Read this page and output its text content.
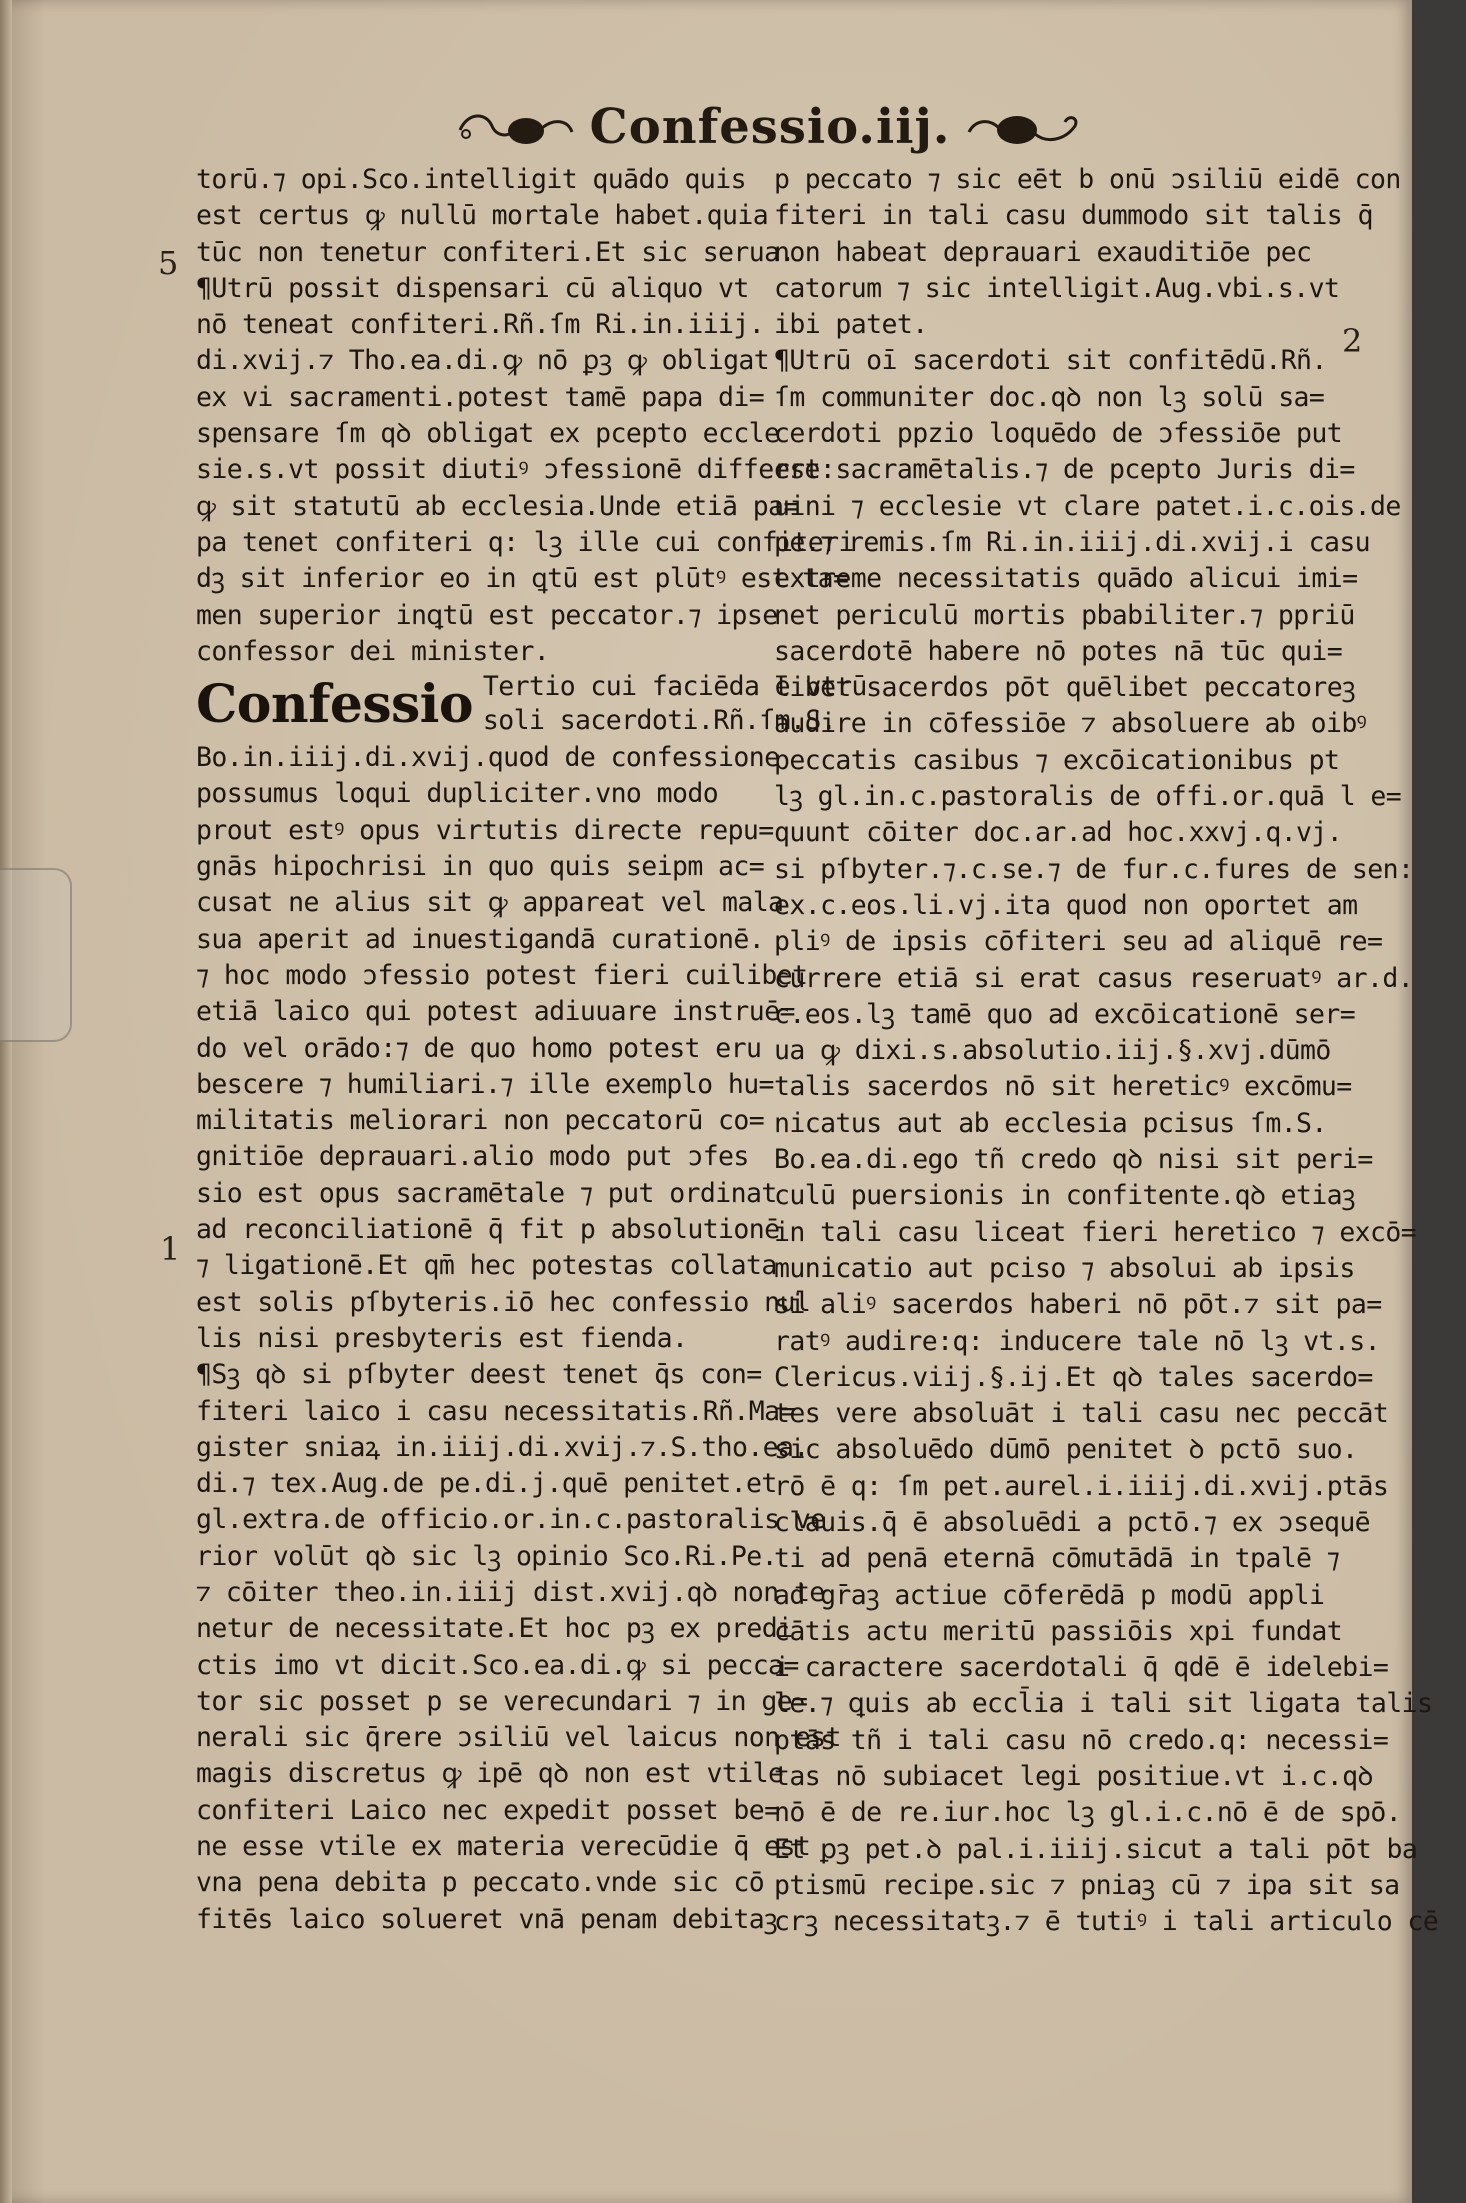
Confessio.iij.
5
1
2
torū.⁊ opi.Sco.intelligit quādo quis
est certus ꝙ nullū mortale habet.quia
tūc non tenetur confiteri.Et sic serua.
¶Utrū possit dispensari cū aliquo vt
nō teneat confiteri.Rñ.ſm Ri.in.iiij.
di.xvij.⁊ Tho.ea.di.ꝙ nō ꝑꝫ ꝙ obligat
ex vi sacramenti.potest tamē papa di=
spensare ſm qꝺ obligat ex pcepto eccle
sie.s.vt possit diutiꝰ ɔfessionē differre:
ꝙ sit statutū ab ecclesia.Unde etiā pa=
pa tenet confiteri q: lꝫ ille cui confiteri
dꝫ sit inferior eo in ꝗtū est plūtꝰ est ta=
men superior inꝗtū est peccator.⁊ ipse
confessor dei minister.
Confessio Tertio cui faciēda ē vtrū
soli sacerdoti.Rñ.ſm.S.
Bo.in.iiij.di.xvij.quod de confessione
possumus loqui dupliciter.vno modo
prout estꝰ opus virtutis directe repu=
gnās hipochrisi in quo quis seipm ac=
cusat ne alius sit ꝙ appareat vel mala
sua aperit ad inuestigandā curationē.
⁊ hoc modo ɔfessio potest fieri cuilibet
etiā laico qui potest adiuuare instruē=
do vel orādo:⁊ de quo homo potest eru
bescere ⁊ humiliari.⁊ ille exemplo hu=
militatis meliorari non peccatorū co=
gnitiōe deprauari.alio modo put ɔfes
sio est opus sacramētale ⁊ put ordinat
ad reconciliationē q̄ fit p absolutionē
⁊ ligationē.Et qm̄ hec potestas collata
est solis pſbyteris.iō hec confessio nul
lis nisi presbyteris est fienda.
¶Sꝫ qꝺ si pſbyter deest tenet q̄s con=
fiteri laico i casu necessitatis.Rñ.Ma=
gister sniaꝝ in.iiij.di.xvij.⁊.S.tho.ea.
di.⁊ tex.Aug.de pe.di.j.quē penitet.et
gl.extra.de officio.or.in.c.pastoralis ve
rior volūt qꝺ sic lꝫ opinio Sco.Ri.Pe.
⁊ cōiter theo.in.iiij dist.xvij.qꝺ non te
netur de necessitate.Et hoc pꝫ ex predi
ctis imo vt dicit.Sco.ea.di.ꝙ si pecca=
tor sic posset p se verecundari ⁊ in ge=
nerali sic q̄rere ɔsiliū vel laicus non est
magis discretus ꝙ ipē qꝺ non est vtile
confiteri Laico nec expedit posset be=
ne esse vtile ex materia verecūdie q̄ est
vna pena debita p peccato.vnde sic cō
fitēs laico solueret vnā penam debitaꝫ
p peccato ⁊ sic eēt b onū ɔsiliū eidē con
fiteri in tali casu dummodo sit talis q̄
non habeat deprauari exauditiōe pec
catorum ⁊ sic intelligit.Aug.vbi.s.vt
ibi patet.
¶Utrū oī sacerdoti sit confitēdū.Rñ.
ſm communiter doc.qꝺ non lꝫ solū sa=
cerdoti ppzio loquēdo de ɔfessiōe put
est sacramētalis.⁊ de pcepto Juris di=
uini ⁊ ecclesie vt clare patet.i.c.ois.de
pe.⁊ remis.ſm Ri.in.iiij.di.xvij.i casu
extreme necessitatis quādo alicui imi=
net periculū mortis pbabiliter.⁊ ppriū
sacerdotē habere nō potes nā tūc qui=
libet sacerdos pōt quēlibet peccatoreꝫ
audire in cōfessiōe ⁊ absoluere ab oibꝰ
peccatis casibus ⁊ excōicationibus pt
lꝫ gl.in.c.pastoralis de offi.or.quā l e=
quunt cōiter doc.ar.ad hoc.xxvj.q.vj.
si pſbyter.⁊.c.se.⁊ de fur.c.fures de sen:
ex.c.eos.li.vj.ita quod non oportet am
pliꝰ de ipsis cōfiteri seu ad aliquē re=
currere etiā si erat casus reseruatꝰ ar.d.
c.eos.lꝫ tamē quo ad excōicationē ser=
ua ꝙ dixi.s.absolutio.iij.§.xvj.dūmō
talis sacerdos nō sit hereticꝰ excōmu=
nicatus aut ab ecclesia pcisus ſm.S.
Bo.ea.di.ego tñ credo qꝺ nisi sit peri=
culū puersionis in confitente.qꝺ etiaꝫ
in tali casu liceat fieri heretico ⁊ excō=
municatio aut pciso ⁊ absolui ab ipsis
si aliꝰ sacerdos haberi nō pōt.⁊ sit pa=
ratꝰ audire:q: inducere tale nō lꝫ vt.s.
Clericus.viij.§.ij.Et qꝺ tales sacerdo=
tes vere absoluāt i tali casu nec peccāt
sic absoluēdo dūmō penitet ꝺ pctō suo.
rō ē q: ſm pet.aurel.i.iiij.di.xvij.ptās
clauis.q̄ ē absoluēdi a pctō.⁊ ex ɔsequē
ti ad penā eternā cōmutādā in tpalē ⁊
ad gr̄aꝫ actiue cōferēdā p modū appli
cātis actu meritū passiōis xpi fundat
i caractere sacerdotali q̄ qdē ē idelebi=
le.⁊ ꝗuis ab eccl̄ia i tali sit ligata talis
ptās tñ i tali casu nō credo.q: necessi=
tas nō subiacet legi positiue.vt i.c.qꝺ
nō ē de re.iur.hoc lꝫ gl.i.c.nō ē de spō.
Et ꝑꝫ pet.ꝺ pal.i.iiij.sicut a tali pōt ba
ptismū recipe.sic ⁊ pniaꝫ cū ⁊ ipa sit sa
crꝫ necessitatꝫ.⁊ ē tutiꝰ i tali articulo cē
